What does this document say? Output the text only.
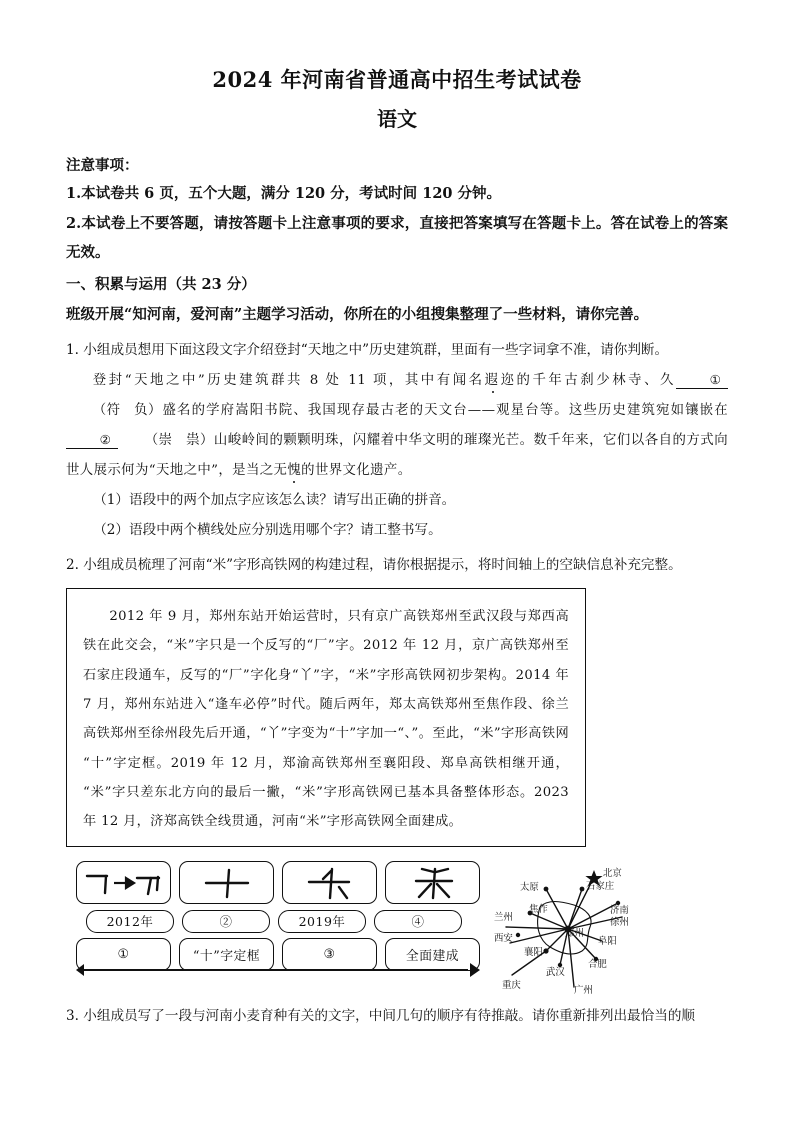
2024 年河南省普通高中招生考试试卷
语文
注意事项：
1.本试卷共 6 页，五个大题，满分 120 分，考试时间 120 分钟。
2.本试卷上不要答题，请按答题卡上注意事项的要求，直接把答案填写在答题卡上。答在试卷上的答案无效。
一、积累与运用（共 23 分）
班级开展“知河南，爱河南”主题学习活动，你所在的小组搜集整理了一些材料，请你完善。
1. 小组成员想用下面这段文字介绍登封“天地之中”历史建筑群，里面有一些字词拿不准，请你判断。
登封“天地之中”历史建筑群共 8 处 11 项，其中有闻名遐迩的千年古刹少林寺、久	①（符　负）盛名的学府嵩阳书院、我国现存最古老的天文台——观星台等。这些历史建筑宛如镶嵌在②	（崇　祟）山峻岭间的颗颗明珠，闪耀着中华文明的璀璨光芒。数千年来，它们以各自的方式向世人展示何为“天地之中”，是当之无愧的世界文化遗产。
（1）语段中的两个加点字应该怎么读？请写出正确的拼音。
（2）语段中两个横线处应分别选用哪个字？请工整书写。
2. 小组成员梳理了河南“米”字形高铁网的构建过程，请你根据提示，将时间轴上的空缺信息补充完整。

2012 年 9 月，郑州东站开始运营时，只有京广高铁郑州至武汉段与郑西高铁在此交会，“米”字只是一个反写的“厂”字。2012 年 12 月，京广高铁郑州至石家庄段通车，反写的“厂”字化身“丫”字，“米”字形高铁网初步架构。2014 年 7 月，郑州东站进入“逢车必停”时代。随后两年，郑太高铁郑州至焦作段、徐兰高铁郑州至徐州段先后开通，“丫”字变为“十”字加一“、”。至此，“米”字形高铁网“十”字定框。2019 年 12 月，郑渝高铁郑州至襄阳段、郑阜高铁相继开通，“米”字只差东北方向的最后一撇，“米”字形高铁网已基本具备整体形态。2023 年 12 月，济郑高铁全线贯通，河南“米”字形高铁网全面建成。

2012年	②	2019年	④
①	“十”字定框	③	全面建成
北京
石家庄
太原
济南
徐州
兰州
焦作
西安
襄阳
郑州
阜阳
合肥
武汉
重庆	广州
3. 小组成员写了一段与河南小麦育种有关的文字，中间几句的顺序有待推敲。请你重新排列出最恰当的顺
